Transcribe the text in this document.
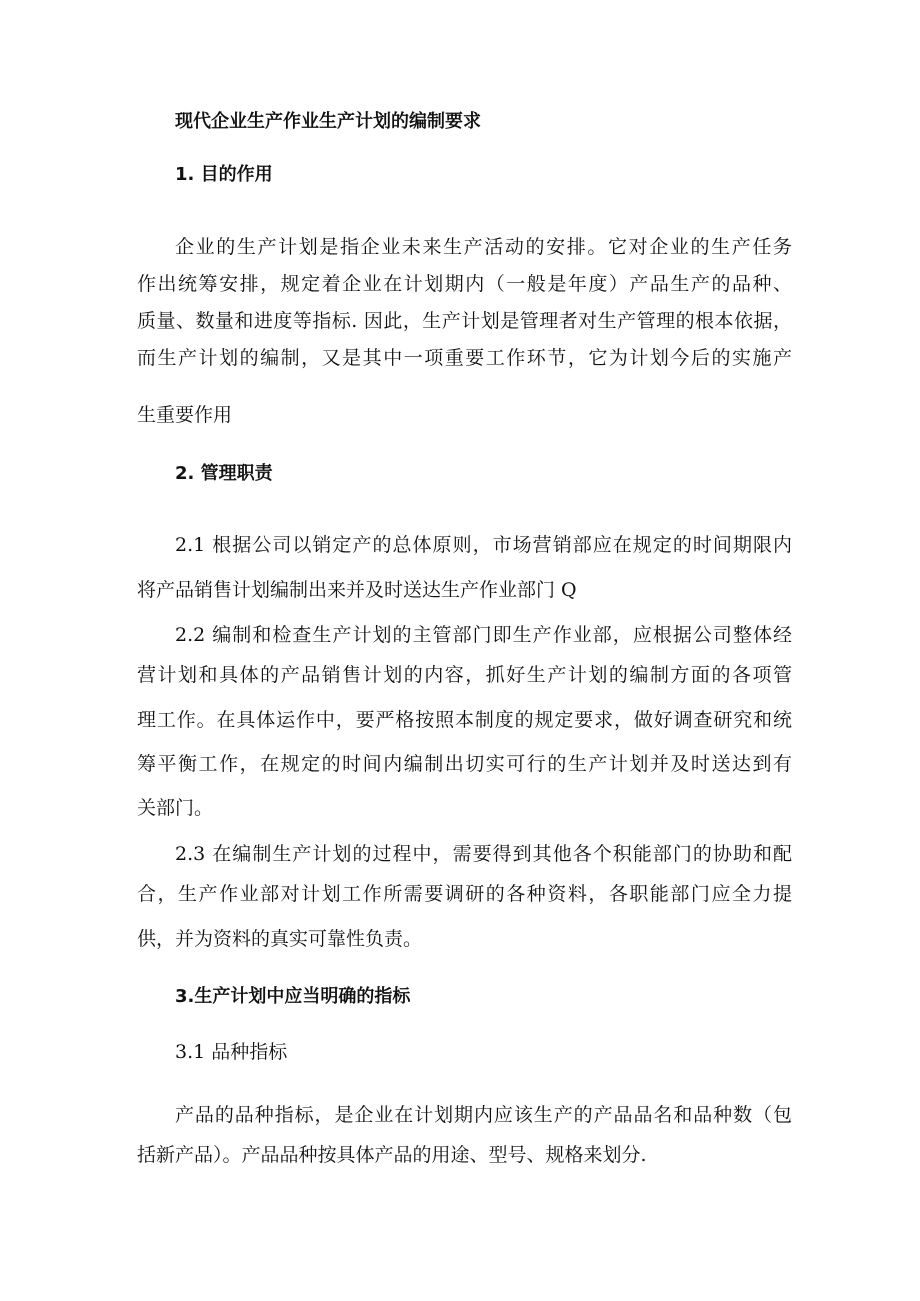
现代企业生产作业生产计划的编制要求
1. 目的作用
企业的生产计划是指企业未来生产活动的安排。它对企业的生产任务
作出统筹安排，规定着企业在计划期内（一般是年度）产品生产的品种、
质量、数量和进度等指标. 因此，生产计划是管理者对生产管理的根本依据，
而生产计划的编制，又是其中一项重要工作环节，它为计划今后的实施产
生重要作用
2. 管理职责
2.1 根据公司以销定产的总体原则，市场营销部应在规定的时间期限内
将产品销售计划编制出来并及时送达生产作业部门 Q
2.2 编制和检查生产计划的主管部门即生产作业部，应根据公司整体经
营计划和具体的产品销售计划的内容，抓好生产计划的编制方面的各项管
理工作。在具体运作中，要严格按照本制度的规定要求，做好调查研究和统
筹平衡工作，在规定的时间内编制出切实可行的生产计划并及时送达到有
关部门。
2.3 在编制生产计划的过程中，需要得到其他各个积能部门的协助和配
合，生产作业部对计划工作所需要调研的各种资料，各职能部门应全力提
供，并为资料的真实可靠性负责。
3.生产计划中应当明确的指标
3.1 品种指标
产品的品种指标，是企业在计划期内应该生产的产品品名和品种数（包
括新产品）。产品品种按具体产品的用途、型号、规格来划分.
